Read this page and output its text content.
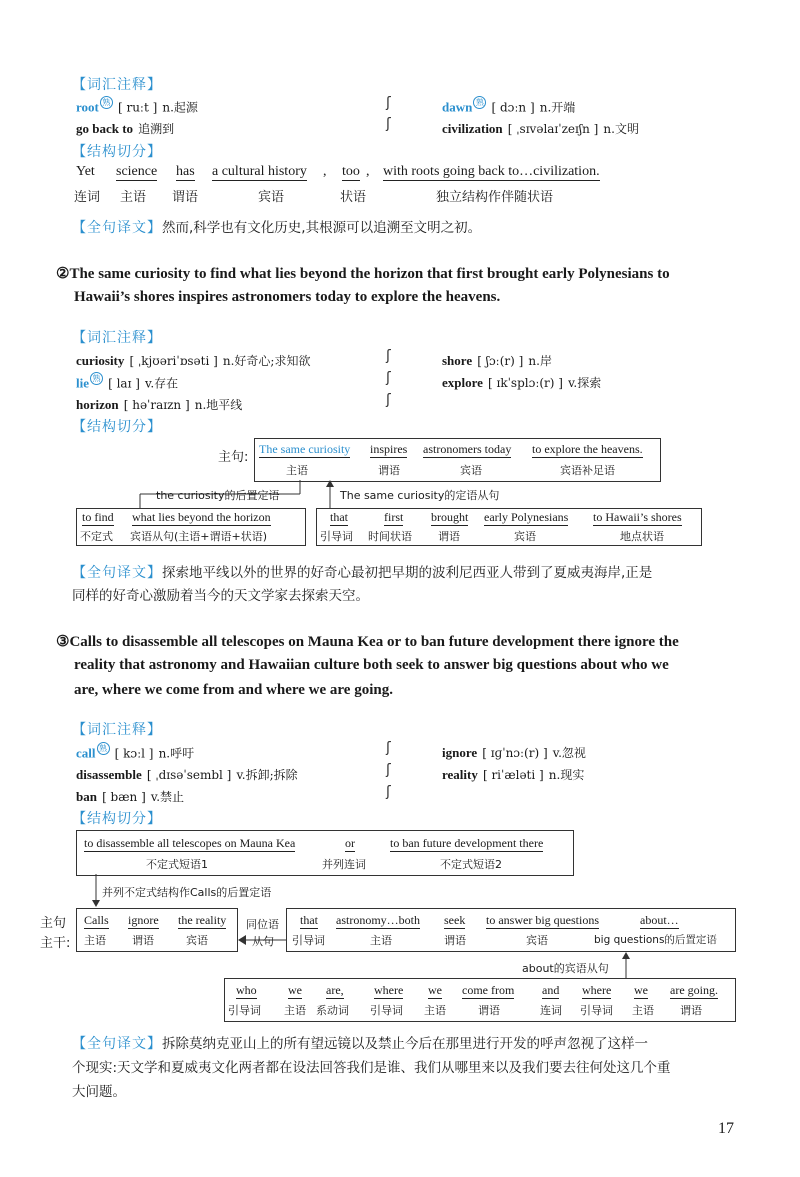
【词汇注释】
root 熟 [ ruːt ] n.起源
go back to 追溯到
ʃ
ʃ
dawn 熟 [ dɔːn ] n.开端
civilization [ ˌsɪvəlaɪˈzeɪʃn ] n.文明
【结构切分】
Yet
连词
science
主语
has
谓语
a cultural history ,
宾语
too ,
状语
with roots going back to…civilization.
独立结构作伴随状语
【全句译文】然而,科学也有文化历史,其根源可以追溯至文明之初。
②The same curiosity to find what lies beyond the horizon that first brought early Polynesians to
Hawaii’s shores inspires astronomers today to explore the heavens.
【词汇注释】
curiosity [ ˌkjʊəriˈɒsəti ] n.好奇心;求知欲
lie 熟 [ laɪ ] v.存在
horizon [ həˈraɪzn ] n.地平线
ʃ
ʃ
ʃ
shore [ ʃɔː(r) ] n.岸
explore [ ɪkˈsplɔː(r) ] v.探索
【结构切分】
主句:
The same curiosity
主语
inspires
谓语
astronomers today
宾语
to explore the heavens.
宾语补足语
the curiosity的后置定语	The same curiosity的定语从句
to find
不定式
what lies beyond the horizon
宾语从句(主语+谓语+状语)
that
引导词
first
时间状语
brought
谓语
early Polynesians
宾语
to Hawaii’s shores
地点状语
【全句译文】探索地平线以外的世界的好奇心最初把早期的波利尼西亚人带到了夏威夷海岸,正是
同样的好奇心激励着当今的天文学家去探索天空。
③Calls to disassemble all telescopes on Mauna Kea or to ban future development there ignore the
reality that astronomy and Hawaiian culture both seek to answer big questions about who we
are, where we come from and where we are going.
【词汇注释】
call 熟 [ kɔːl ] n.呼吁
disassemble [ ˌdɪsəˈsembl ] v.拆卸;拆除
ban [ bæn ] v.禁止
ʃ
ʃ
ʃ
ignore [ ɪɡˈnɔː(r) ] v.忽视
reality [ riˈæləti ] n.现实
【结构切分】
to disassemble all telescopes on Mauna Kea
不定式短语1
or
并列连词
to ban future development there
不定式短语2
并列不定式结构作Calls的后置定语
主句
主干:
Calls
主语
ignore
谓语
the reality
宾语
同位语
从句
that
引导词
astronomy…both
主语
seek
谓语
to answer big questions
宾语
about…
big questions的后置定语
about的宾语从句
who
引导词
we
主语
are,
系动词
where
引导词
we
主语
come from
谓语
and
连词
where
引导词
we
主语
are going.
谓语
【全句译文】拆除莫纳克亚山上的所有望远镜以及禁止今后在那里进行开发的呼声忽视了这样一
个现实:天文学和夏威夷文化两者都在设法回答我们是谁、我们从哪里来以及我们要去往何处这几个重
大问题。
17
